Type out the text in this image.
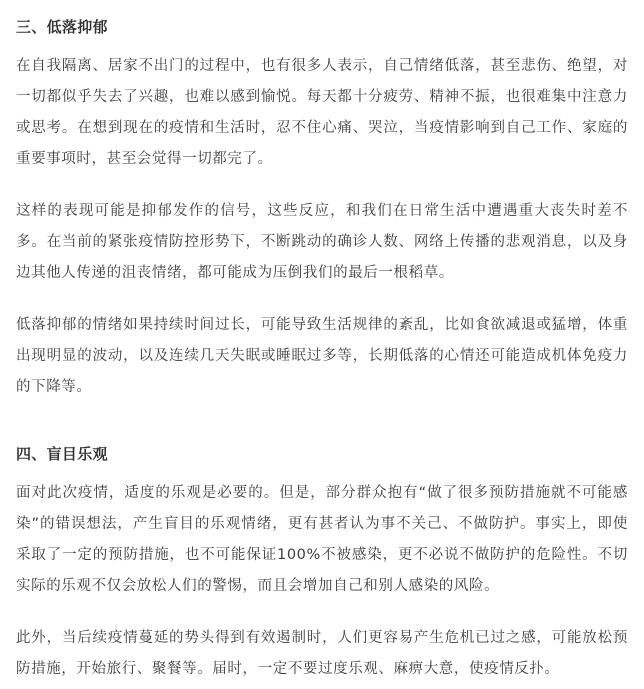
三、低落抑郁

在自我隔离、居家不出门的过程中，也有很多人表示，自己情绪低落，甚至悲伤、绝望，对一切都似乎失去了兴趣，也难以感到愉悦。每天都十分疲劳、精神不振，也很难集中注意力或思考。在想到现在的疫情和生活时，忍不住心痛、哭泣，当疫情影响到自己工作、家庭的重要事项时，甚至会觉得一切都完了。

这样的表现可能是抑郁发作的信号，这些反应，和我们在日常生活中遭遇重大丧失时差不多。在当前的紧张疫情防控形势下，不断跳动的确诊人数、网络上传播的悲观消息，以及身边其他人传递的沮丧情绪，都可能成为压倒我们的最后一根稻草。

低落抑郁的情绪如果持续时间过长，可能导致生活规律的紊乱，比如食欲减退或猛增，体重出现明显的波动，以及连续几天失眠或睡眠过多等，长期低落的心情还可能造成机体免疫力的下降等。

四、盲目乐观

面对此次疫情，适度的乐观是必要的。但是，部分群众抱有“做了很多预防措施就不可能感染”的错误想法，产生盲目的乐观情绪，更有甚者认为事不关己、不做防护。事实上，即使采取了一定的预防措施，也不可能保证100%不被感染，更不必说不做防护的危险性。不切实际的乐观不仅会放松人们的警惕，而且会增加自己和别人感染的风险。

此外，当后续疫情蔓延的势头得到有效遏制时，人们更容易产生危机已过之感，可能放松预防措施，开始旅行、聚餐等。届时，一定不要过度乐观、麻痹大意，使疫情反扑。
